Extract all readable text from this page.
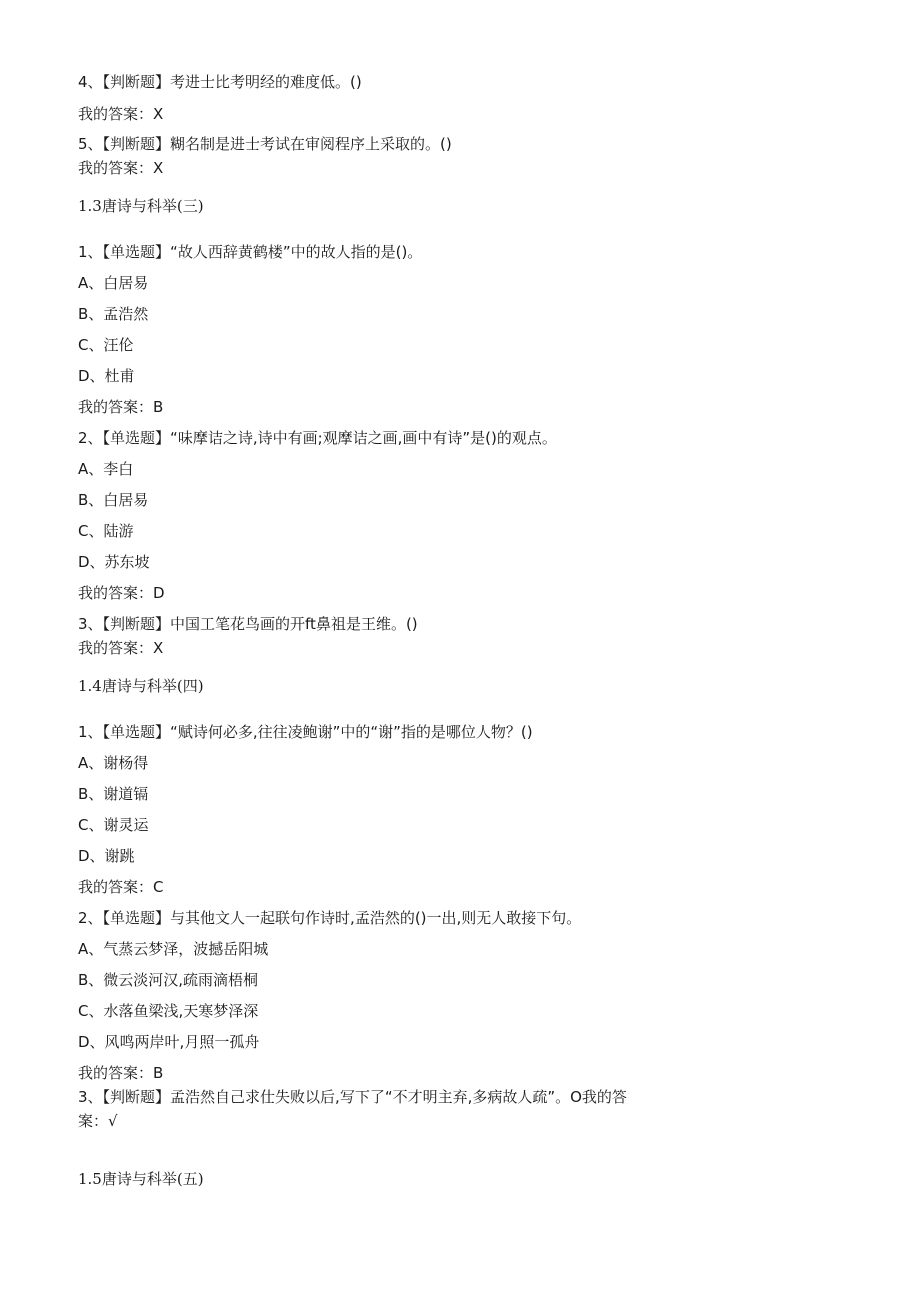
4、【判断题】考进士比考明经的难度低。()
我的答案：X
5、【判断题】糊名制是进士考试在审阅程序上采取的。()
我的答案：X
1.3唐诗与科举(三)
1、【单选题】“故人西辞黄鹤楼”中的故人指的是()。
A、白居易
B、孟浩然
C、汪伦
D、杜甫
我的答案：B
2、【单选题】“味摩诘之诗,诗中有画;观摩诘之画,画中有诗”是()的观点。
A、李白
B、白居易
C、陆游
D、苏东坡
我的答案：D
3、【判断题】中国工笔花鸟画的开ft鼻祖是王维。()
我的答案：X
1.4唐诗与科举(四)
1、【单选题】“赋诗何必多,往往凌鲍谢”中的“谢”指的是哪位人物？()
A、谢杨得
B、谢道镉
C、谢灵运
D、谢跳
我的答案：C
2、【单选题】与其他文人一起联句作诗时,孟浩然的()一出,则无人敢接下句。
A、气蒸云梦泽，波撼岳阳城
B、微云淡河汉,疏雨滴梧桐
C、水落鱼梁浅,天寒梦泽深
D、风鸣两岸叶,月照一孤舟
我的答案：B
3、【判断题】孟浩然自己求仕失败以后,写下了“不才明主弃,多病故人疏”。O我的答
案：√
1.5唐诗与科举(五)
